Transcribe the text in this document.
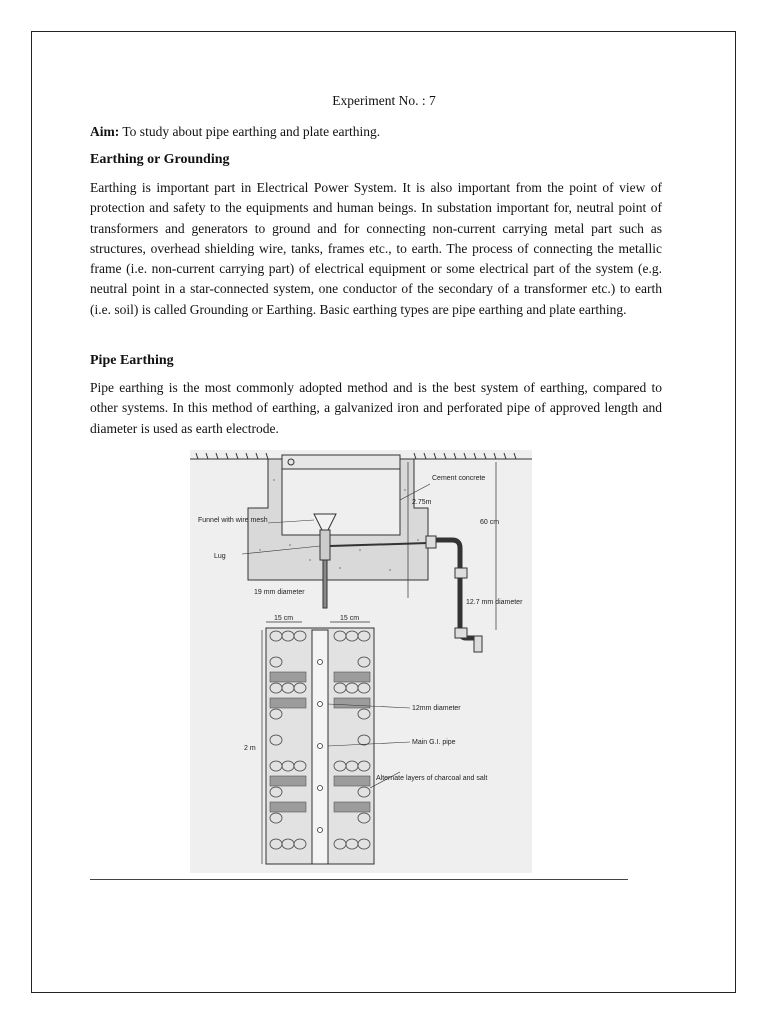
Experiment No. : 7
Aim: To study about pipe earthing and plate earthing.
Earthing or Grounding
Earthing is important part in Electrical Power System. It is also important from the point of view of protection and safety to the equipments and human beings. In substation important for, neutral point of transformers and generators to ground and for connecting non-current carrying metal part such as structures, overhead shielding wire, tanks, frames etc., to earth. The process of connecting the metallic frame (i.e. non-current carrying part) of electrical equipment or some electrical part of the system (e.g. neutral point in a star-connected system, one conductor of the secondary of a transformer etc.) to earth (i.e. soil) is called Grounding or Earthing. Basic earthing types are pipe earthing and plate earthing.
Pipe Earthing
Pipe earthing is the most commonly adopted method and is the best system of earthing, compared to other systems. In this method of earthing, a galvanized iron and perforated pipe of approved length and diameter is used as earth electrode.
Cement concrete
2.75m
60 cm
Funnel with wire mesh
Lug
19 mm diameter
12.7 mm diameter
15 cm	15 cm
12mm diameter
Main G.I. pipe
Alternate layers of charcoal and salt
2 m
